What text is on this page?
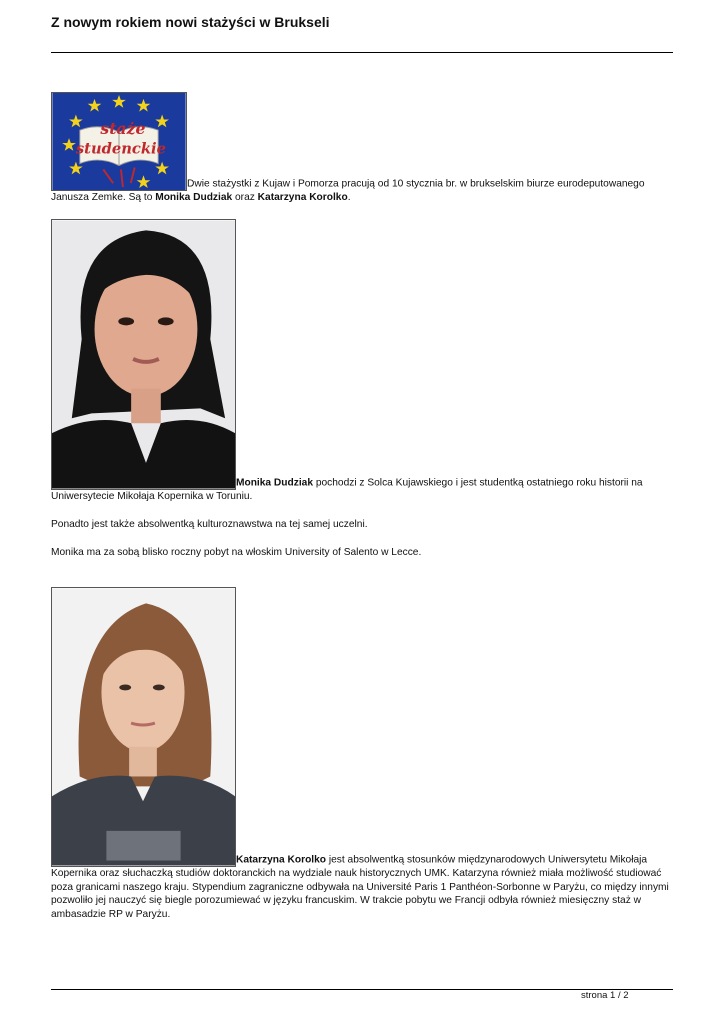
Z nowym rokiem nowi stażyści w Brukseli

staże
studenckie
Dwie stażystki z Kujaw i Pomorza pracują od 10 stycznia br. w brukselskim biurze eurodeputowanego Janusza Zemke. Są to Monika Dudziak oraz Katarzyna Korolko.

Monika Dudziak pochodzi z Solca Kujawskiego i jest studentką ostatniego roku historii na Uniwersytecie Mikołaja Kopernika w Toruniu.

Ponadto jest także absolwentką kulturoznawstwa na tej samej uczelni.

Monika ma za sobą blisko roczny pobyt na włoskim University of Salento w Lecce.

Katarzyna Korolko jest absolwentką stosunków międzynarodowych Uniwersytetu Mikołaja Kopernika oraz słuchaczką studiów doktoranckich na wydziale nauk historycznych UMK. Katarzyna również miała możliwość studiować poza granicami naszego kraju. Stypendium zagraniczne odbywała na Université Paris 1 Panthéon-Sorbonne w Paryżu, co między innymi pozwoliło jej nauczyć się biegle porozumiewać w języku francuskim. W trakcie pobytu we Francji odbyła również miesięczny staż w ambasadzie RP w Paryżu.

strona 1 / 2
